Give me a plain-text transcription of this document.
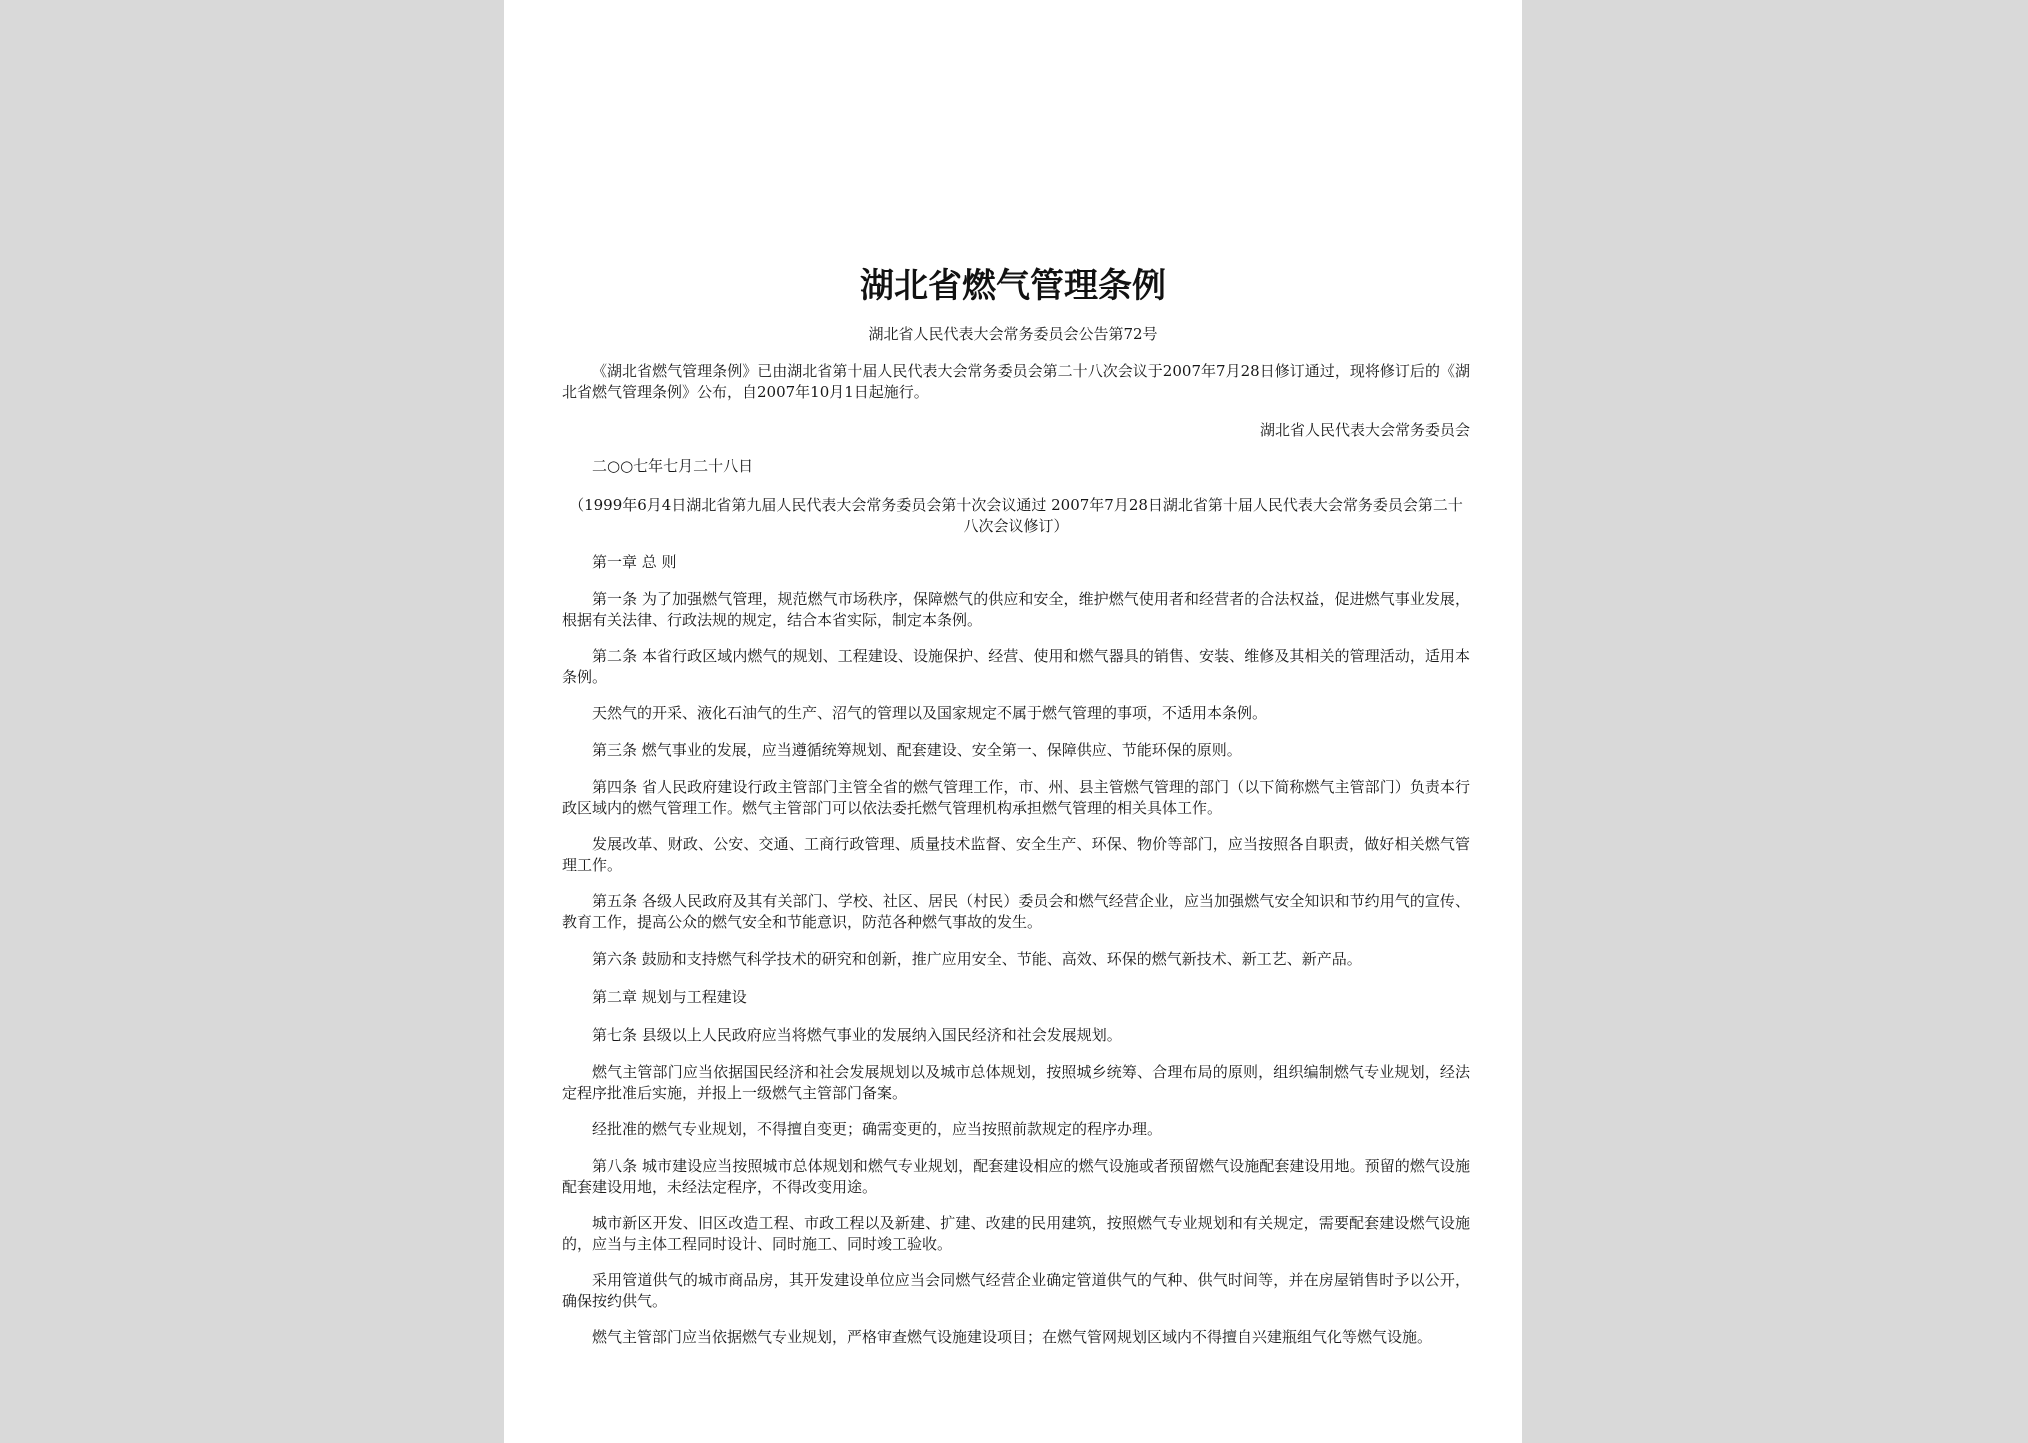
湖北省燃气管理条例
湖北省人民代表大会常务委员会公告第72号
《湖北省燃气管理条例》已由湖北省第十届人民代表大会常务委员会第二十八次会议于2007年7月28日修订通过，现将修订后的《湖北省燃气管理条例》公布，自2007年10月1日起施行。
湖北省人民代表大会常务委员会
二○○七年七月二十八日
（1999年6月4日湖北省第九届人民代表大会常务委员会第十次会议通过 2007年7月28日湖北省第十届人民代表大会常务委员会第二十八次会议修订）
第一章 总 则
第一条 为了加强燃气管理，规范燃气市场秩序，保障燃气的供应和安全，维护燃气使用者和经营者的合法权益，促进燃气事业发展，根据有关法律、行政法规的规定，结合本省实际，制定本条例。
第二条 本省行政区域内燃气的规划、工程建设、设施保护、经营、使用和燃气器具的销售、安装、维修及其相关的管理活动，适用本条例。
天然气的开采、液化石油气的生产、沼气的管理以及国家规定不属于燃气管理的事项，不适用本条例。
第三条 燃气事业的发展，应当遵循统筹规划、配套建设、安全第一、保障供应、节能环保的原则。
第四条 省人民政府建设行政主管部门主管全省的燃气管理工作，市、州、县主管燃气管理的部门（以下简称燃气主管部门）负责本行政区域内的燃气管理工作。燃气主管部门可以依法委托燃气管理机构承担燃气管理的相关具体工作。
发展改革、财政、公安、交通、工商行政管理、质量技术监督、安全生产、环保、物价等部门，应当按照各自职责，做好相关燃气管理工作。
第五条 各级人民政府及其有关部门、学校、社区、居民（村民）委员会和燃气经营企业，应当加强燃气安全知识和节约用气的宣传、教育工作，提高公众的燃气安全和节能意识，防范各种燃气事故的发生。
第六条 鼓励和支持燃气科学技术的研究和创新，推广应用安全、节能、高效、环保的燃气新技术、新工艺、新产品。
第二章 规划与工程建设
第七条 县级以上人民政府应当将燃气事业的发展纳入国民经济和社会发展规划。
燃气主管部门应当依据国民经济和社会发展规划以及城市总体规划，按照城乡统筹、合理布局的原则，组织编制燃气专业规划，经法定程序批准后实施，并报上一级燃气主管部门备案。
经批准的燃气专业规划，不得擅自变更；确需变更的，应当按照前款规定的程序办理。
第八条 城市建设应当按照城市总体规划和燃气专业规划，配套建设相应的燃气设施或者预留燃气设施配套建设用地。预留的燃气设施配套建设用地，未经法定程序，不得改变用途。
城市新区开发、旧区改造工程、市政工程以及新建、扩建、改建的民用建筑，按照燃气专业规划和有关规定，需要配套建设燃气设施的，应当与主体工程同时设计、同时施工、同时竣工验收。
采用管道供气的城市商品房，其开发建设单位应当会同燃气经营企业确定管道供气的气种、供气时间等，并在房屋销售时予以公开，确保按约供气。
燃气主管部门应当依据燃气专业规划，严格审查燃气设施建设项目；在燃气管网规划区域内不得擅自兴建瓶组气化等燃气设施。
